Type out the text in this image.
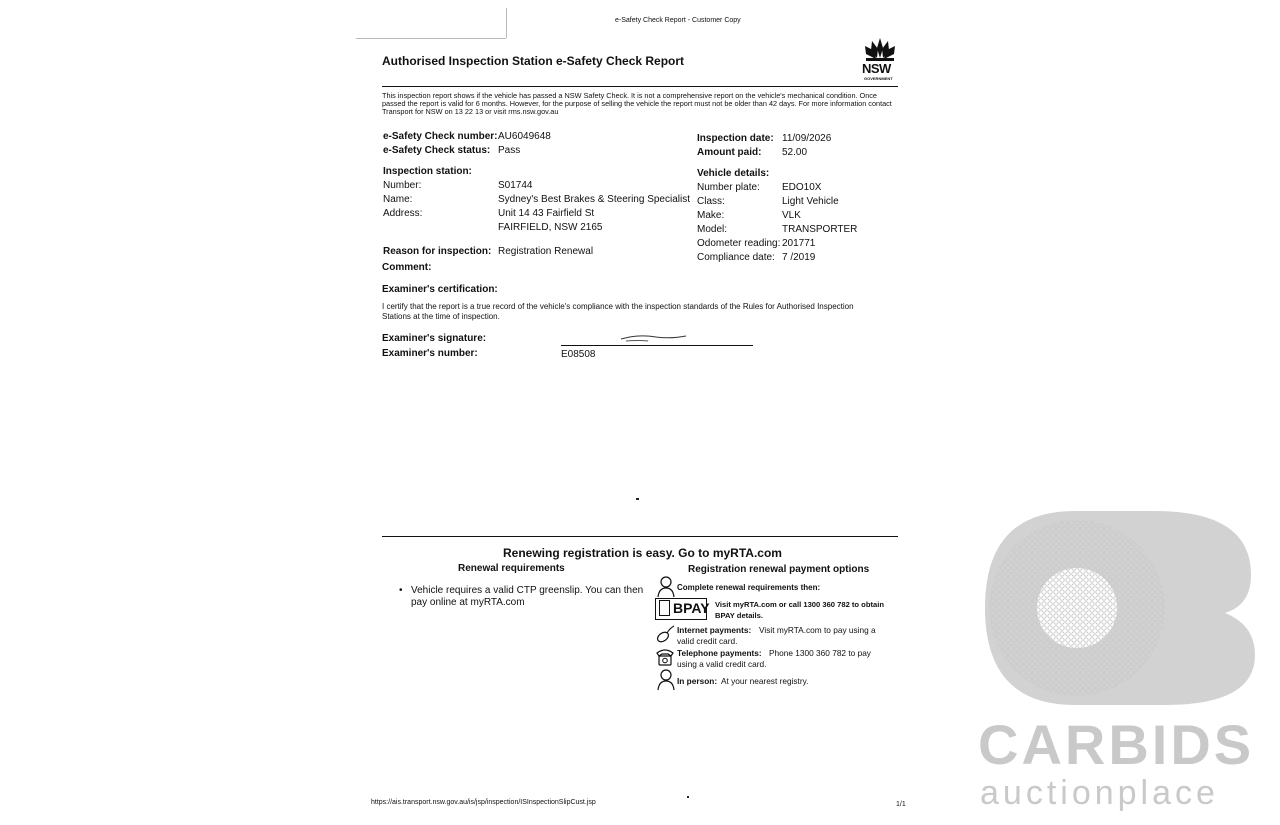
e-Safety Check Report - Customer Copy
Authorised Inspection Station e-Safety Check Report	NSW
GOVERNMENT
This inspection report shows if the vehicle has passed a NSW Safety Check. It is not a comprehensive report on the vehicle's mechanical condition. Once passed the report is valid for 6 months. However, for the purpose of selling the vehicle the report must not be older than 42 days. For more information contact Transport for NSW on 13 22 13 or visit rms.nsw.gov.au
e-Safety Check number: AU6049648
e-Safety Check status: Pass
Inspection date: 11/09/2026
Amount paid: 52.00
Inspection station:
Number:	S01744
Name:	Sydney's Best Brakes & Steering Specialist
Address:	Unit 14 43 Fairfield St
FAIRFIELD, NSW 2165
Vehicle details:
Number plate: EDO10X
Class:	Light Vehicle
Make:	VLK
Model:	TRANSPORTER
Odometer reading: 201771
Compliance date: 7 /2019
Reason for inspection: Registration Renewal
Comment:
Examiner's certification:
I certify that the report is a true record of the vehicle's compliance with the inspection standards of the Rules for Authorised Inspection Stations at the time of inspection.
Examiner's signature:
Examiner's number:	E08508
Renewing registration is easy. Go to myRTA.com
Renewal requirements
• Vehicle requires a valid CTP greenslip. You can then pay online at myRTA.com
Registration renewal payment options
Complete renewal requirements then:
BPAY Visit myRTA.com or call 1300 360 782 to obtain BPAY details.
Internet payments: Visit myRTA.com to pay using a valid credit card.
Telephone payments: Phone 1300 360 782 to pay using a valid credit card.
In person: At your nearest registry.
https://ais.transport.nsw.gov.au/is/jsp/inspection/ISInspectionSlipCust.jsp	1/1
CARBIDS
auctionplace
